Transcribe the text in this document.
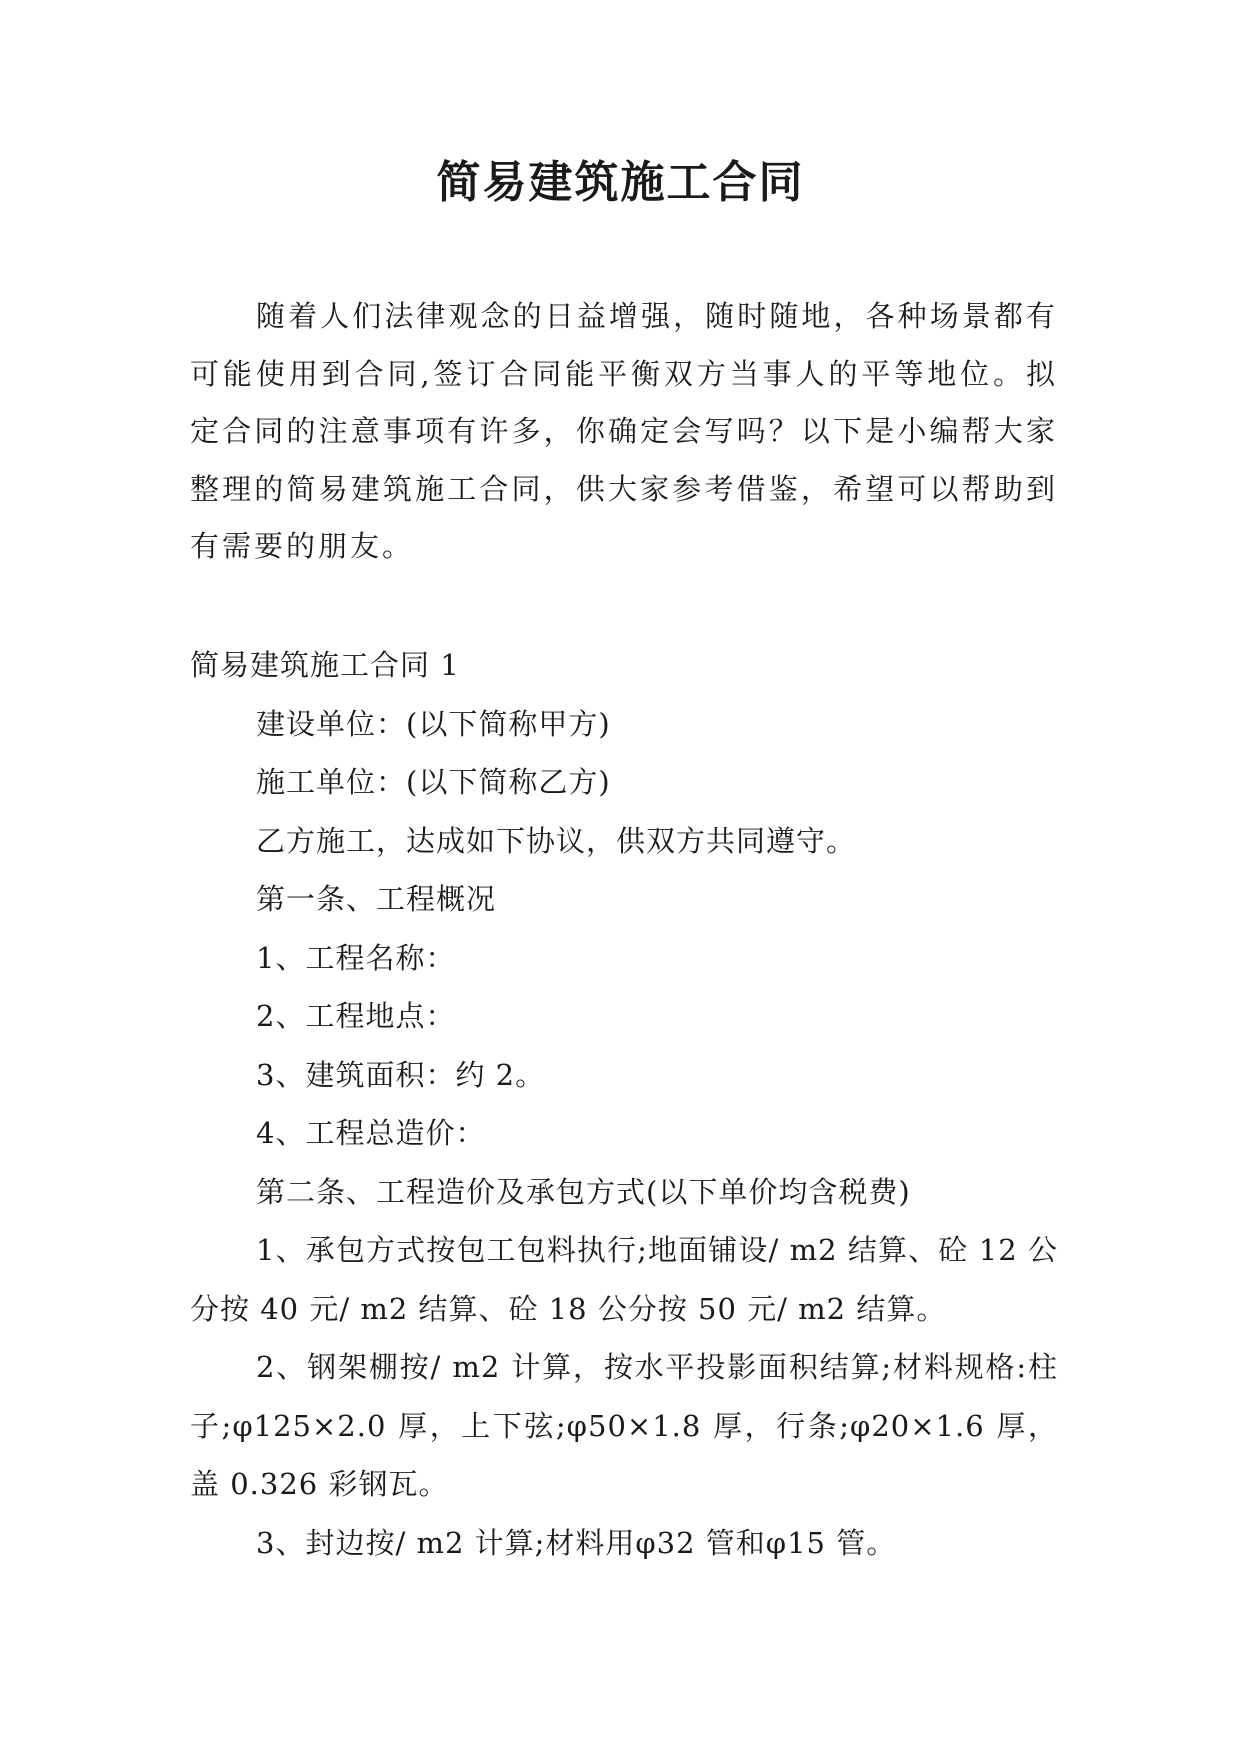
简易建筑施工合同

随着人们法律观念的日益增强，随时随地，各种场景都有可能使用到合同,签订合同能平衡双方当事人的平等地位。拟定合同的注意事项有许多，你确定会写吗？以下是小编帮大家整理的简易建筑施工合同，供大家参考借鉴，希望可以帮助到有需要的朋友。

简易建筑施工合同 1

建设单位：(以下简称甲方)

施工单位：(以下简称乙方)

乙方施工，达成如下协议，供双方共同遵守。

第一条、工程概况

1、工程名称：

2、工程地点：

3、建筑面积：约 2。

4、工程总造价：

第二条、工程造价及承包方式(以下单价均含税费)

1、承包方式按包工包料执行;地面铺设/ m2 结算、砼 12 公分按 40 元/ m2 结算、砼 18 公分按 50 元/ m2 结算。

2、钢架棚按/ m2 计算，按水平投影面积结算;材料规格:柱子;φ125×2.0 厚，上下弦;φ50×1.8 厚，行条;φ20×1.6 厚，盖 0.326 彩钢瓦。

3、封边按/ m2 计算;材料用φ32 管和φ15 管。
